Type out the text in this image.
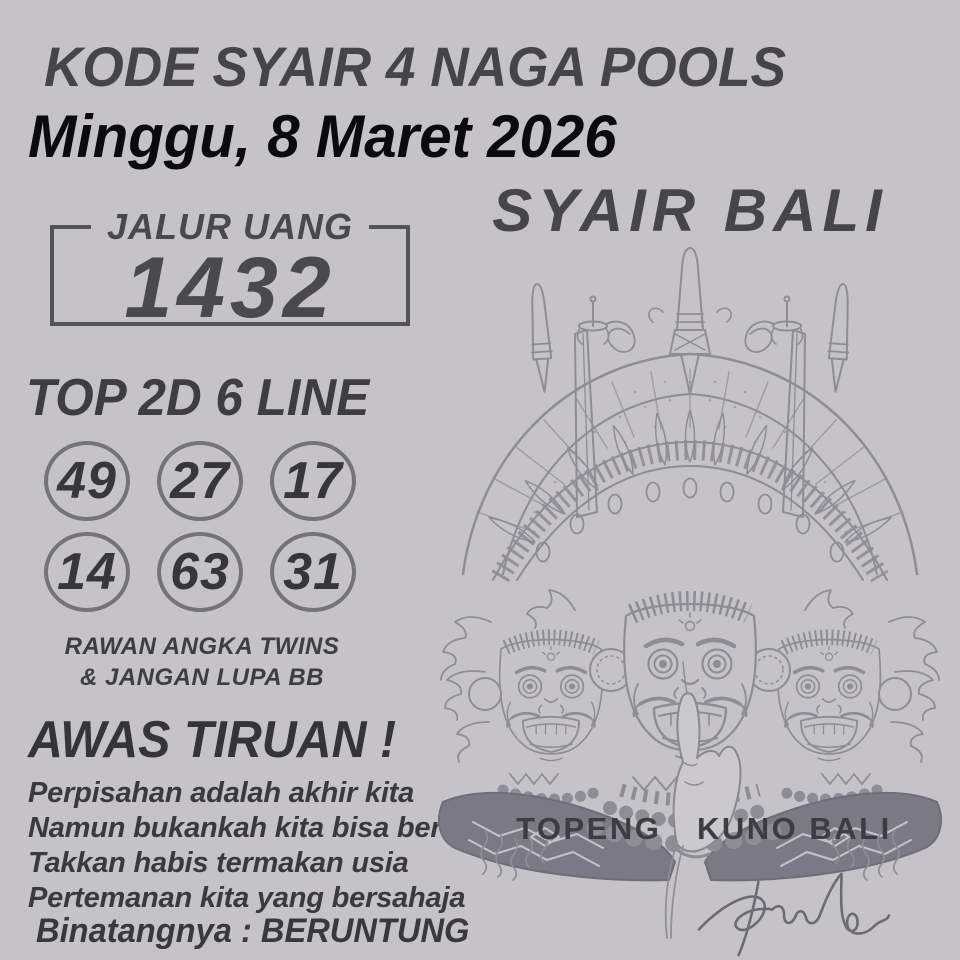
KODE SYAIR 4 NAGA POOLS
Minggu, 8 Maret 2026
JALUR UANG
1432
SYAIR BALI
TOP 2D 6 LINE
49 27 17
14 63 31
RAWAN ANGKA TWINS
& JANGAN LUPA BB
AWAS TIRUAN !
Perpisahan adalah akhir kita
Namun bukankah kita bisa bersua
Takkan habis termakan usia
Pertemanan kita yang bersahaja
Binatangnya : BERUNTUNG
TOPENG KUNO BALI
